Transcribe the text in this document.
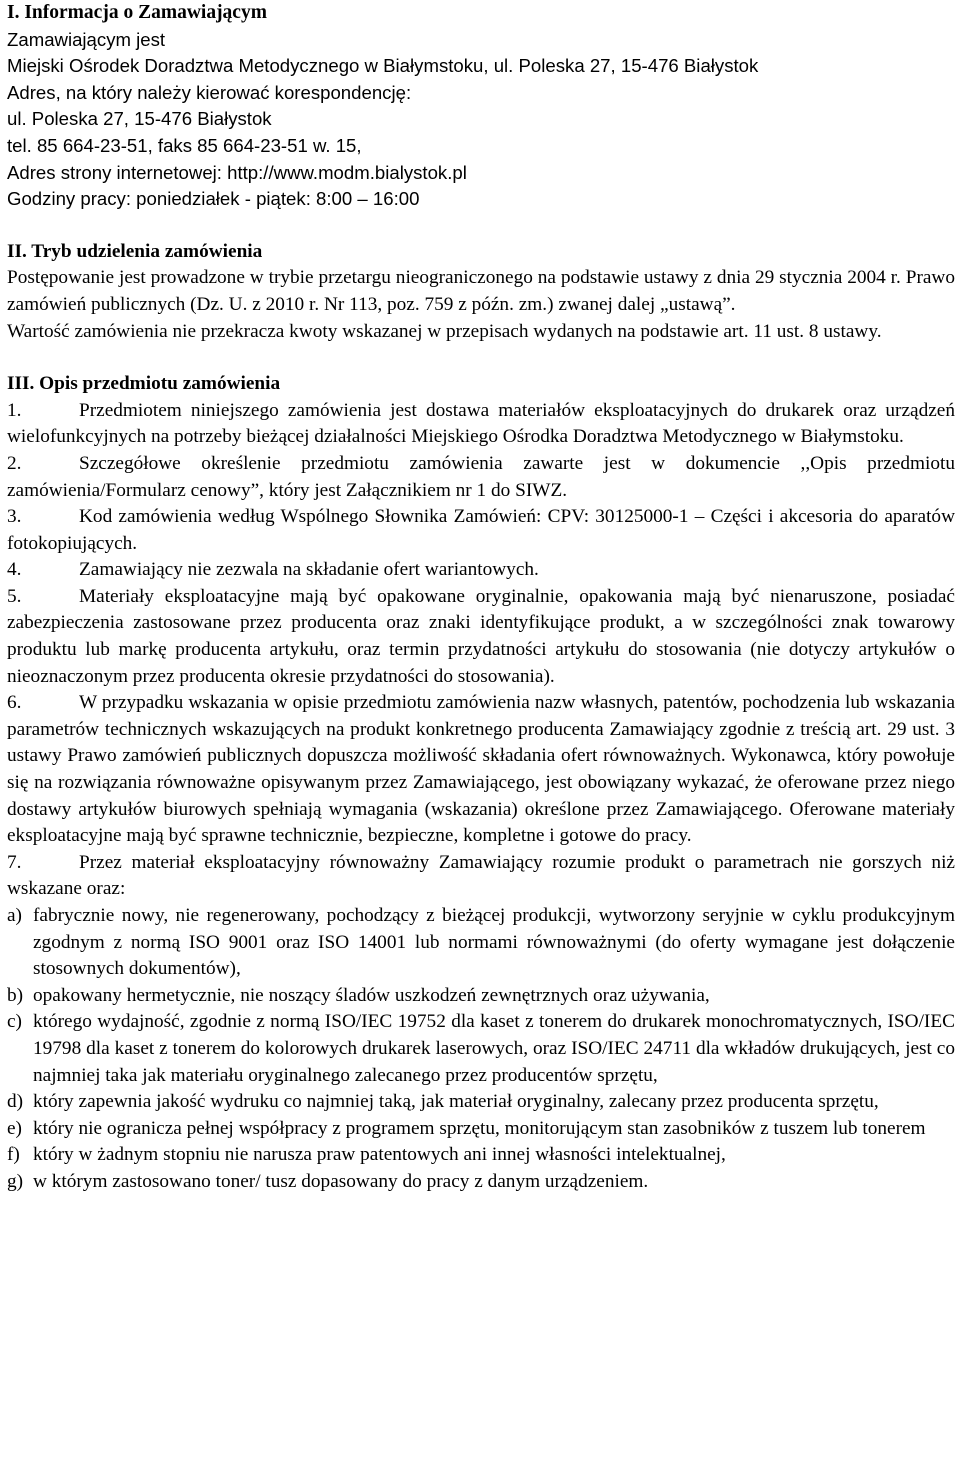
I. Informacja o Zamawiającym
Zamawiającym jest
Miejski Ośrodek Doradztwa Metodycznego w Białymstoku, ul. Poleska 27, 15-476 Białystok
Adres, na który należy kierować korespondencję:
ul. Poleska 27, 15-476 Białystok
tel. 85 664-23-51, faks 85 664-23-51 w. 15,
Adres strony internetowej: http://www.modm.bialystok.pl
Godziny pracy: poniedziałek - piątek: 8:00 – 16:00
II. Tryb udzielenia zamówienia

Postępowanie jest prowadzone w trybie przetargu nieograniczonego na podstawie ustawy z dnia 29 stycznia 2004 r. Prawo zamówień publicznych (Dz. U. z 2010 r. Nr 113, poz. 759 z późn. zm.) zwanej dalej „ustawą”.

Wartość zamówienia nie przekracza kwoty wskazanej w przepisach wydanych na podstawie art. 11 ust. 8 ustawy.

III. Opis przedmiotu zamówienia

1.	Przedmiotem niniejszego zamówienia jest dostawa materiałów eksploatacyjnych do drukarek oraz urządzeń wielofunkcyjnych na potrzeby bieżącej działalności Miejskiego Ośrodka Doradztwa Metodycznego w Białymstoku.

2.	Szczegółowe określenie przedmiotu zamówienia zawarte jest w dokumencie ,,Opis przedmiotu zamówienia/Formularz cenowy”, który jest Załącznikiem nr 1 do SIWZ.

3.	Kod zamówienia według Wspólnego Słownika Zamówień: CPV: 30125000-1 – Części i akcesoria do aparatów fotokopiujących.

4.	Zamawiający nie zezwala na składanie ofert wariantowych.

5.	Materiały eksploatacyjne mają być opakowane oryginalnie, opakowania mają być nienaruszone, posiadać zabezpieczenia zastosowane przez producenta oraz znaki identyfikujące produkt, a w szczególności znak towarowy produktu lub markę producenta artykułu, oraz termin przydatności artykułu do stosowania (nie dotyczy artykułów o nieoznaczonym przez producenta okresie przydatności do stosowania).

6.	W przypadku wskazania w opisie przedmiotu zamówienia nazw własnych, patentów, pochodzenia lub wskazania parametrów technicznych wskazujących na produkt konkretnego producenta Zamawiający zgodnie z treścią art. 29 ust. 3 ustawy Prawo zamówień publicznych dopuszcza możliwość składania ofert równoważnych. Wykonawca, który powołuje się na rozwiązania równoważne opisywanym przez Zamawiającego, jest obowiązany wykazać, że oferowane przez niego dostawy artykułów biurowych spełniają wymagania (wskazania) określone przez Zamawiającego. Oferowane materiały eksploatacyjne mają być sprawne technicznie, bezpieczne, kompletne i gotowe do pracy.

7.	Przez materiał eksploatacyjny równoważny Zamawiający rozumie produkt o parametrach nie gorszych niż wskazane oraz:

a) fabrycznie nowy, nie regenerowany, pochodzący z bieżącej produkcji, wytworzony seryjnie w cyklu produkcyjnym zgodnym z normą ISO 9001 oraz ISO 14001 lub normami równoważnymi (do oferty wymagane jest dołączenie stosownych dokumentów),
b) opakowany hermetycznie, nie noszący śladów uszkodzeń zewnętrznych oraz używania,
c) którego wydajność, zgodnie z normą ISO/IEC 19752 dla kaset z tonerem do drukarek monochromatycznych, ISO/IEC 19798 dla kaset z tonerem do kolorowych drukarek laserowych, oraz ISO/IEC 24711 dla wkładów drukujących, jest co najmniej taka jak materiału oryginalnego zalecanego przez producentów sprzętu,
d) który zapewnia jakość wydruku co najmniej taką, jak materiał oryginalny, zalecany przez producenta sprzętu,
e) który nie ogranicza pełnej współpracy z programem sprzętu, monitorującym stan zasobników z tuszem lub tonerem
f) który w żadnym stopniu nie narusza praw patentowych ani innej własności intelektualnej,
g) w którym zastosowano toner/ tusz dopasowany do pracy z danym urządzeniem.
